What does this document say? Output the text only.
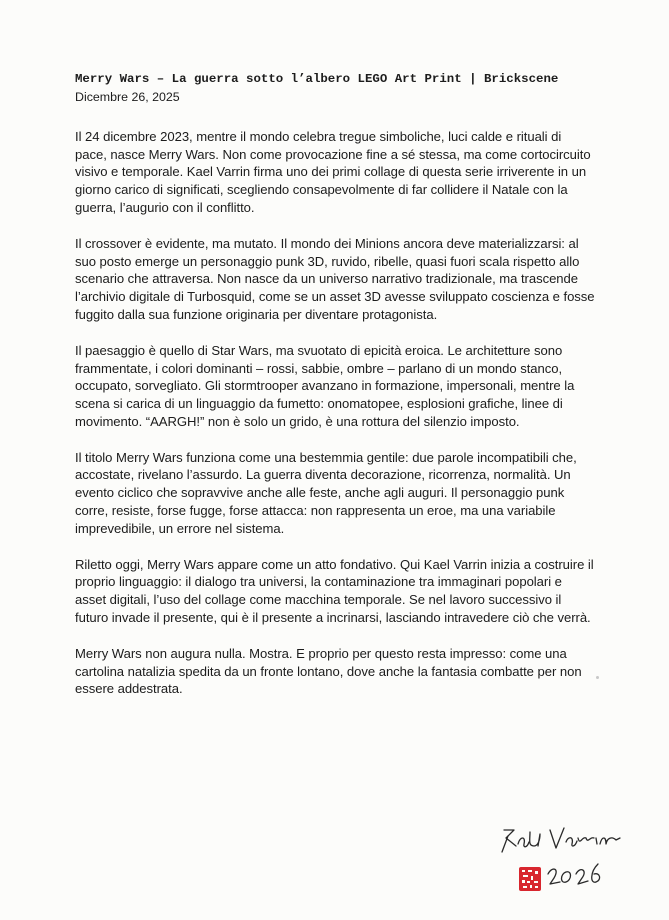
Merry Wars – La guerra sotto l’albero LEGO Art Print | Brickscene

Dicembre 26, 2025

Il 24 dicembre 2023, mentre il mondo celebra tregue simboliche, luci calde e rituali di pace, nasce Merry Wars. Non come provocazione fine a sé stessa, ma come cortocircuito visivo e temporale. Kael Varrin firma uno dei primi collage di questa serie irriverente in un giorno carico di significati, scegliendo consapevolmente di far collidere il Natale con la guerra, l’augurio con il conflitto.

Il crossover è evidente, ma mutato. Il mondo dei Minions ancora deve materializzarsi: al suo posto emerge un personaggio punk 3D, ruvido, ribelle, quasi fuori scala rispetto allo scenario che attraversa. Non nasce da un universo narrativo tradizionale, ma trascende l’archivio digitale di Turbosquid, come se un asset 3D avesse sviluppato coscienza e fosse fuggito dalla sua funzione originaria per diventare protagonista.

Il paesaggio è quello di Star Wars, ma svuotato di epicità eroica. Le architetture sono frammentate, i colori dominanti – rossi, sabbie, ombre – parlano di un mondo stanco, occupato, sorvegliato. Gli stormtrooper avanzano in formazione, impersonali, mentre la scena si carica di un linguaggio da fumetto: onomatopee, esplosioni grafiche, linee di movimento. “AARGH!” non è solo un grido, è una rottura del silenzio imposto.

Il titolo Merry Wars funziona come una bestemmia gentile: due parole incompatibili che, accostate, rivelano l’assurdo. La guerra diventa decorazione, ricorrenza, normalità. Un evento ciclico che sopravvive anche alle feste, anche agli auguri. Il personaggio punk corre, resiste, forse fugge, forse attacca: non rappresenta un eroe, ma una variabile imprevedibile, un errore nel sistema.

Riletto oggi, Merry Wars appare come un atto fondativo. Qui Kael Varrin inizia a costruire il proprio linguaggio: il dialogo tra universi, la contaminazione tra immaginari popolari e asset digitali, l’uso del collage come macchina temporale. Se nel lavoro successivo il futuro invade il presente, qui è il presente a incrinarsi, lasciando intravedere ciò che verrà.

Merry Wars non augura nulla. Mostra. E proprio per questo resta impresso: come una cartolina natalizia spedita da un fronte lontano, dove anche la fantasia combatte per non essere addestrata.
